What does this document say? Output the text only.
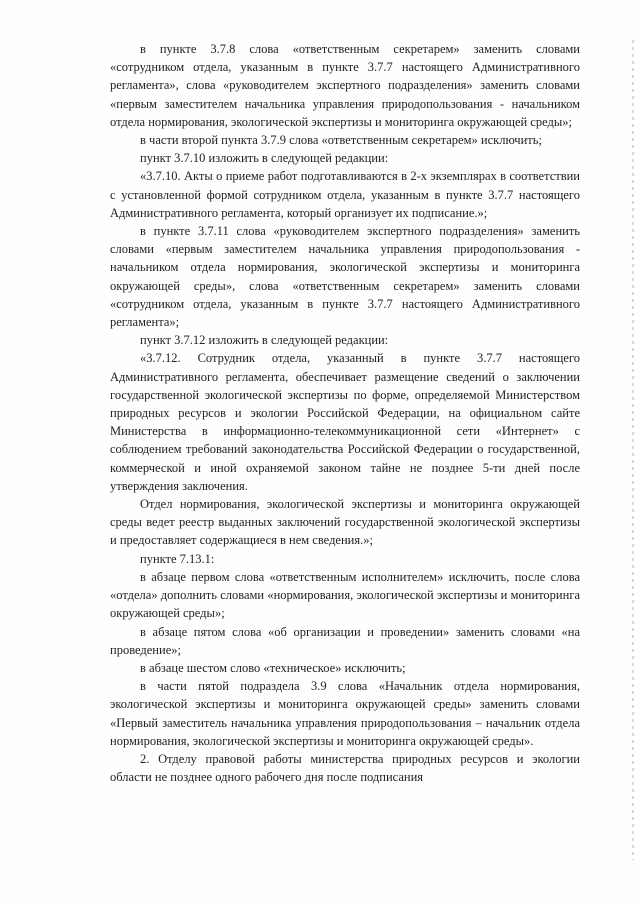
в пункте 3.7.8 слова «ответственным секретарем» заменить словами «сотрудником отдела, указанным в пункте 3.7.7 настоящего Административного регламента», слова «руководителем экспертного подразделения» заменить словами «первым заместителем начальника управления природопользования - начальником отдела нормирования, экологической экспертизы и мониторинга окружающей среды»;

в части второй пункта 3.7.9 слова «ответственным секретарем» исключить;

пункт 3.7.10 изложить в следующей редакции:

«3.7.10. Акты о приеме работ подготавливаются в 2-х экземплярах в соответствии с установленной формой сотрудником отдела, указанным в пункте 3.7.7 настоящего Административного регламента, который организует их подписание.»;

в пункте 3.7.11 слова «руководителем экспертного подразделения» заменить словами «первым заместителем начальника управления природопользования - начальником отдела нормирования, экологической экспертизы и мониторинга окружающей среды», слова «ответственным секретарем» заменить словами «сотрудником отдела, указанным в пункте 3.7.7 настоящего Административного регламента»;

пункт 3.7.12 изложить в следующей редакции:

«3.7.12. Сотрудник отдела, указанный в пункте 3.7.7 настоящего Административного регламента, обеспечивает размещение сведений о заключении государственной экологической экспертизы по форме, определяемой Министерством природных ресурсов и экологии Российской Федерации, на официальном сайте Министерства в информационно-телекоммуникационной сети «Интернет» с соблюдением требований законодательства Российской Федерации о государственной, коммерческой и иной охраняемой законом тайне не позднее 5-ти дней после утверждения заключения.

Отдел нормирования, экологической экспертизы и мониторинга окружающей среды ведет реестр выданных заключений государственной экологической экспертизы и предоставляет содержащиеся в нем сведения.»;

пункте 7.13.1:

в абзаце первом слова «ответственным исполнителем» исключить, после слова «отдела» дополнить словами «нормирования, экологической экспертизы и мониторинга окружающей среды»;

в абзаце пятом слова «об организации и проведении» заменить словами «на проведение»;

в абзаце шестом слово «техническое» исключить;

в части пятой подраздела 3.9 слова «Начальник отдела нормирования, экологической экспертизы и мониторинга окружающей среды» заменить словами «Первый заместитель начальника управления природопользования – начальник отдела нормирования, экологической экспертизы и мониторинга окружающей среды».

2. Отделу правовой работы министерства природных ресурсов и экологии области не позднее одного рабочего дня после подписания
